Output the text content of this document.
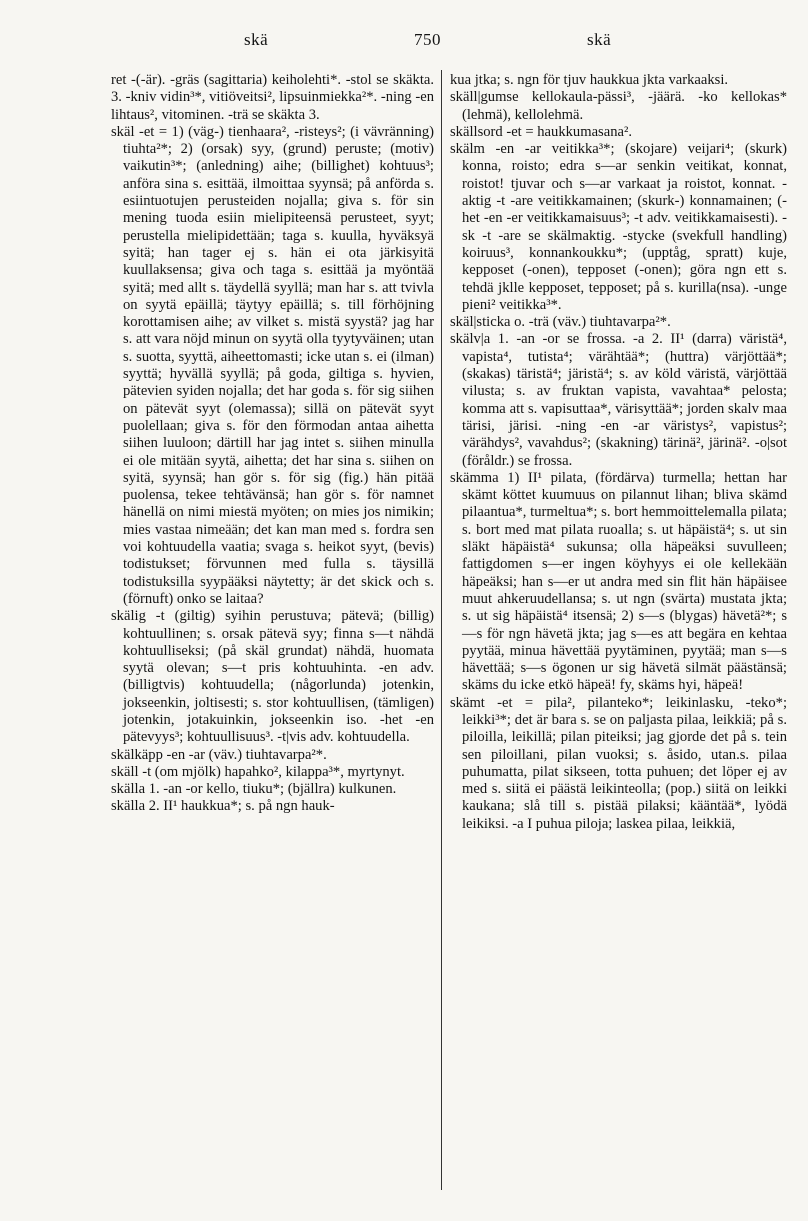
skä	750	skä

ret -(-är). -gräs (sagittaria) keiholehti*. -stol se skäkta. 3. -kniv vidin³*, vitiöveitsi², lipsuinmiekka²*. -ning -en lihtaus², vitominen. -trä se skäkta 3.

skäl -et = 1) (väg-) tienhaara², -risteys²; (i vävränning) tiuhta²*; 2) (orsak) syy, (grund) peruste; (motiv) vaikutin³*; (anledning) aihe; (billighet) kohtuus³; anföra sina s. esittää, ilmoittaa syynsä; på anförda s. esiintuotujen perusteiden nojalla; giva s. för sin mening tuoda esiin mielipiteensä perusteet, syyt; perustella mielipidettään; taga s. kuulla, hyväksyä syitä; han tager ej s. hän ei ota järkisyitä kuullaksensa; giva och taga s. esittää ja myöntää syitä; med allt s. täydellä syyllä; man har s. att tvivla on syytä epäillä; täytyy epäillä; s. till förhöjning korottamisen aihe; av vilket s. mistä syystä? jag har s. att vara nöjd minun on syytä olla tyytyväinen; utan s. suotta, syyttä, aiheettomasti; icke utan s. ei (ilman) syyttä; hyvällä syyllä; på goda, giltiga s. hyvien, pätevien syiden nojalla; det har goda s. för sig siihen on pätevät syyt (olemassa); sillä on pätevät syyt puolellaan; giva s. för den förmodan antaa aihetta siihen luuloon; därtill har jag intet s. siihen minulla ei ole mitään syytä, aihetta; det har sina s. siihen on syitä, syynsä; han gör s. för sig (fig.) hän pitää puolensa, tekee tehtävänsä; han gör s. för namnet hänellä on nimi miestä myöten; on mies jos nimikin; mies vastaa nimeään; det kan man med s. fordra sen voi kohtuudella vaatia; svaga s. heikot syyt, (bevis) todistukset; förvunnen med fulla s. täysillä todistuksilla syypääksi näytetty; är det skick och s. (förnuft) onko se laitaa?

skälig -t (giltig) syihin perustuva; pätevä; (billig) kohtuullinen; s. orsak pätevä syy; finna s—t nähdä kohtuulliseksi; (på skäl grundat) nähdä, huomata syytä olevan; s—t pris kohtuuhinta. -en adv. (billigtvis) kohtuudella; (någorlunda) jotenkin, jokseenkin, joltisesti; s. stor kohtuullisen, (tämligen) jotenkin, jotakuinkin, jokseenkin iso. -het -en pätevyys³; kohtuullisuus³. -t|vis adv. kohtuudella.

skälkäpp -en -ar (väv.) tiuhtavarpa²*.

skäll -t (om mjölk) hapahko², kilappa³*, myrtynyt.

skälla 1. -an -or kello, tiuku*; (bjällra) kulkunen.

skälla 2. II¹ haukkua*; s. på ngn hauk-

kua jtka; s. ngn för tjuv haukkua jkta varkaaksi.

skäll|gumse kellokaula-pässi³, -jäärä. -ko kellokas* (lehmä), kellolehmä.

skällsord -et = haukkumasana².

skälm -en -ar veitikka³*; (skojare) veijari⁴; (skurk) konna, roisto; edra s—ar senkin veitikat, konnat, roistot! tjuvar och s—ar varkaat ja roistot, konnat. -aktig -t -are veitikkamainen; (skurk-) konnamainen; (-het -en -er veitikkamaisuus³; -t adv. veitikkamaisesti). -sk -t -are se skälmaktig. -stycke (svekfull handling) koiruus³, konnankoukku*; (upptåg, spratt) kuje, kepposet (-onen), tepposet (-onen); göra ngn ett s. tehdä jklle kepposet, tepposet; på s. kurilla(nsa). -unge pieni² veitikka³*.

skäl|sticka o. -trä (väv.) tiuhtavarpa²*.

skälv|a 1. -an -or se frossa. -a 2. II¹ (darra) väristä⁴, vapista⁴, tutista⁴; värähtää*; (huttra) värjöttää*; (skakas) täristä⁴; järistä⁴; s. av köld väristä, värjöttää vilusta; s. av fruktan vapista, vavahtaa* pelosta; komma att s. vapisuttaa*, värisyttää*; jorden skalv maa tärisi, järisi. -ning -en -ar väristys², vapistus²; värähdys², vavahdus²; (skakning) tärinä², järinä². -o|sot (föråldr.) se frossa.

skämma 1) II¹ pilata, (fördärva) turmella; hettan har skämt köttet kuumuus on pilannut lihan; bliva skämd pilaantua*, turmeltua*; s. bort hemmoittelemalla pilata; s. bort med mat pilata ruoalla; s. ut häpäistä⁴; s. ut sin släkt häpäistä⁴ sukunsa; olla häpeäksi suvulleen; fattigdomen s—er ingen köyhyys ei ole kellekään häpeäksi; han s—er ut andra med sin flit hän häpäisee muut ahkeruudellansa; s. ut ngn (svärta) mustata jkta; s. ut sig häpäistä⁴ itsensä; 2) s—s (blygas) hävetä²*; s—s för ngn hävetä jkta; jag s—es att begära en kehtaa pyytää, minua hävettää pyytäminen, pyytää; man s—s hävettää; s—s ögonen ur sig hävetä silmät päästänsä; skäms du icke etkö häpeä! fy, skäms hyi, häpeä!

skämt -et = pila², pilanteko*; leikinlasku, -teko*; leikki³*; det är bara s. se on paljasta pilaa, leikkiä; på s. piloilla, leikillä; pilan piteiksi; jag gjorde det på s. tein sen piloillani, pilan vuoksi; s. åsido, utan.s. pilaa puhumatta, pilat sikseen, totta puhuen; det löper ej av med s. siitä ei päästä leikinteolla; (pop.) siitä on leikki kaukana; slå till s. pistää pilaksi; kääntää*, lyödä leikiksi. -a I puhua piloja; laskea pilaa, leikkiä,
